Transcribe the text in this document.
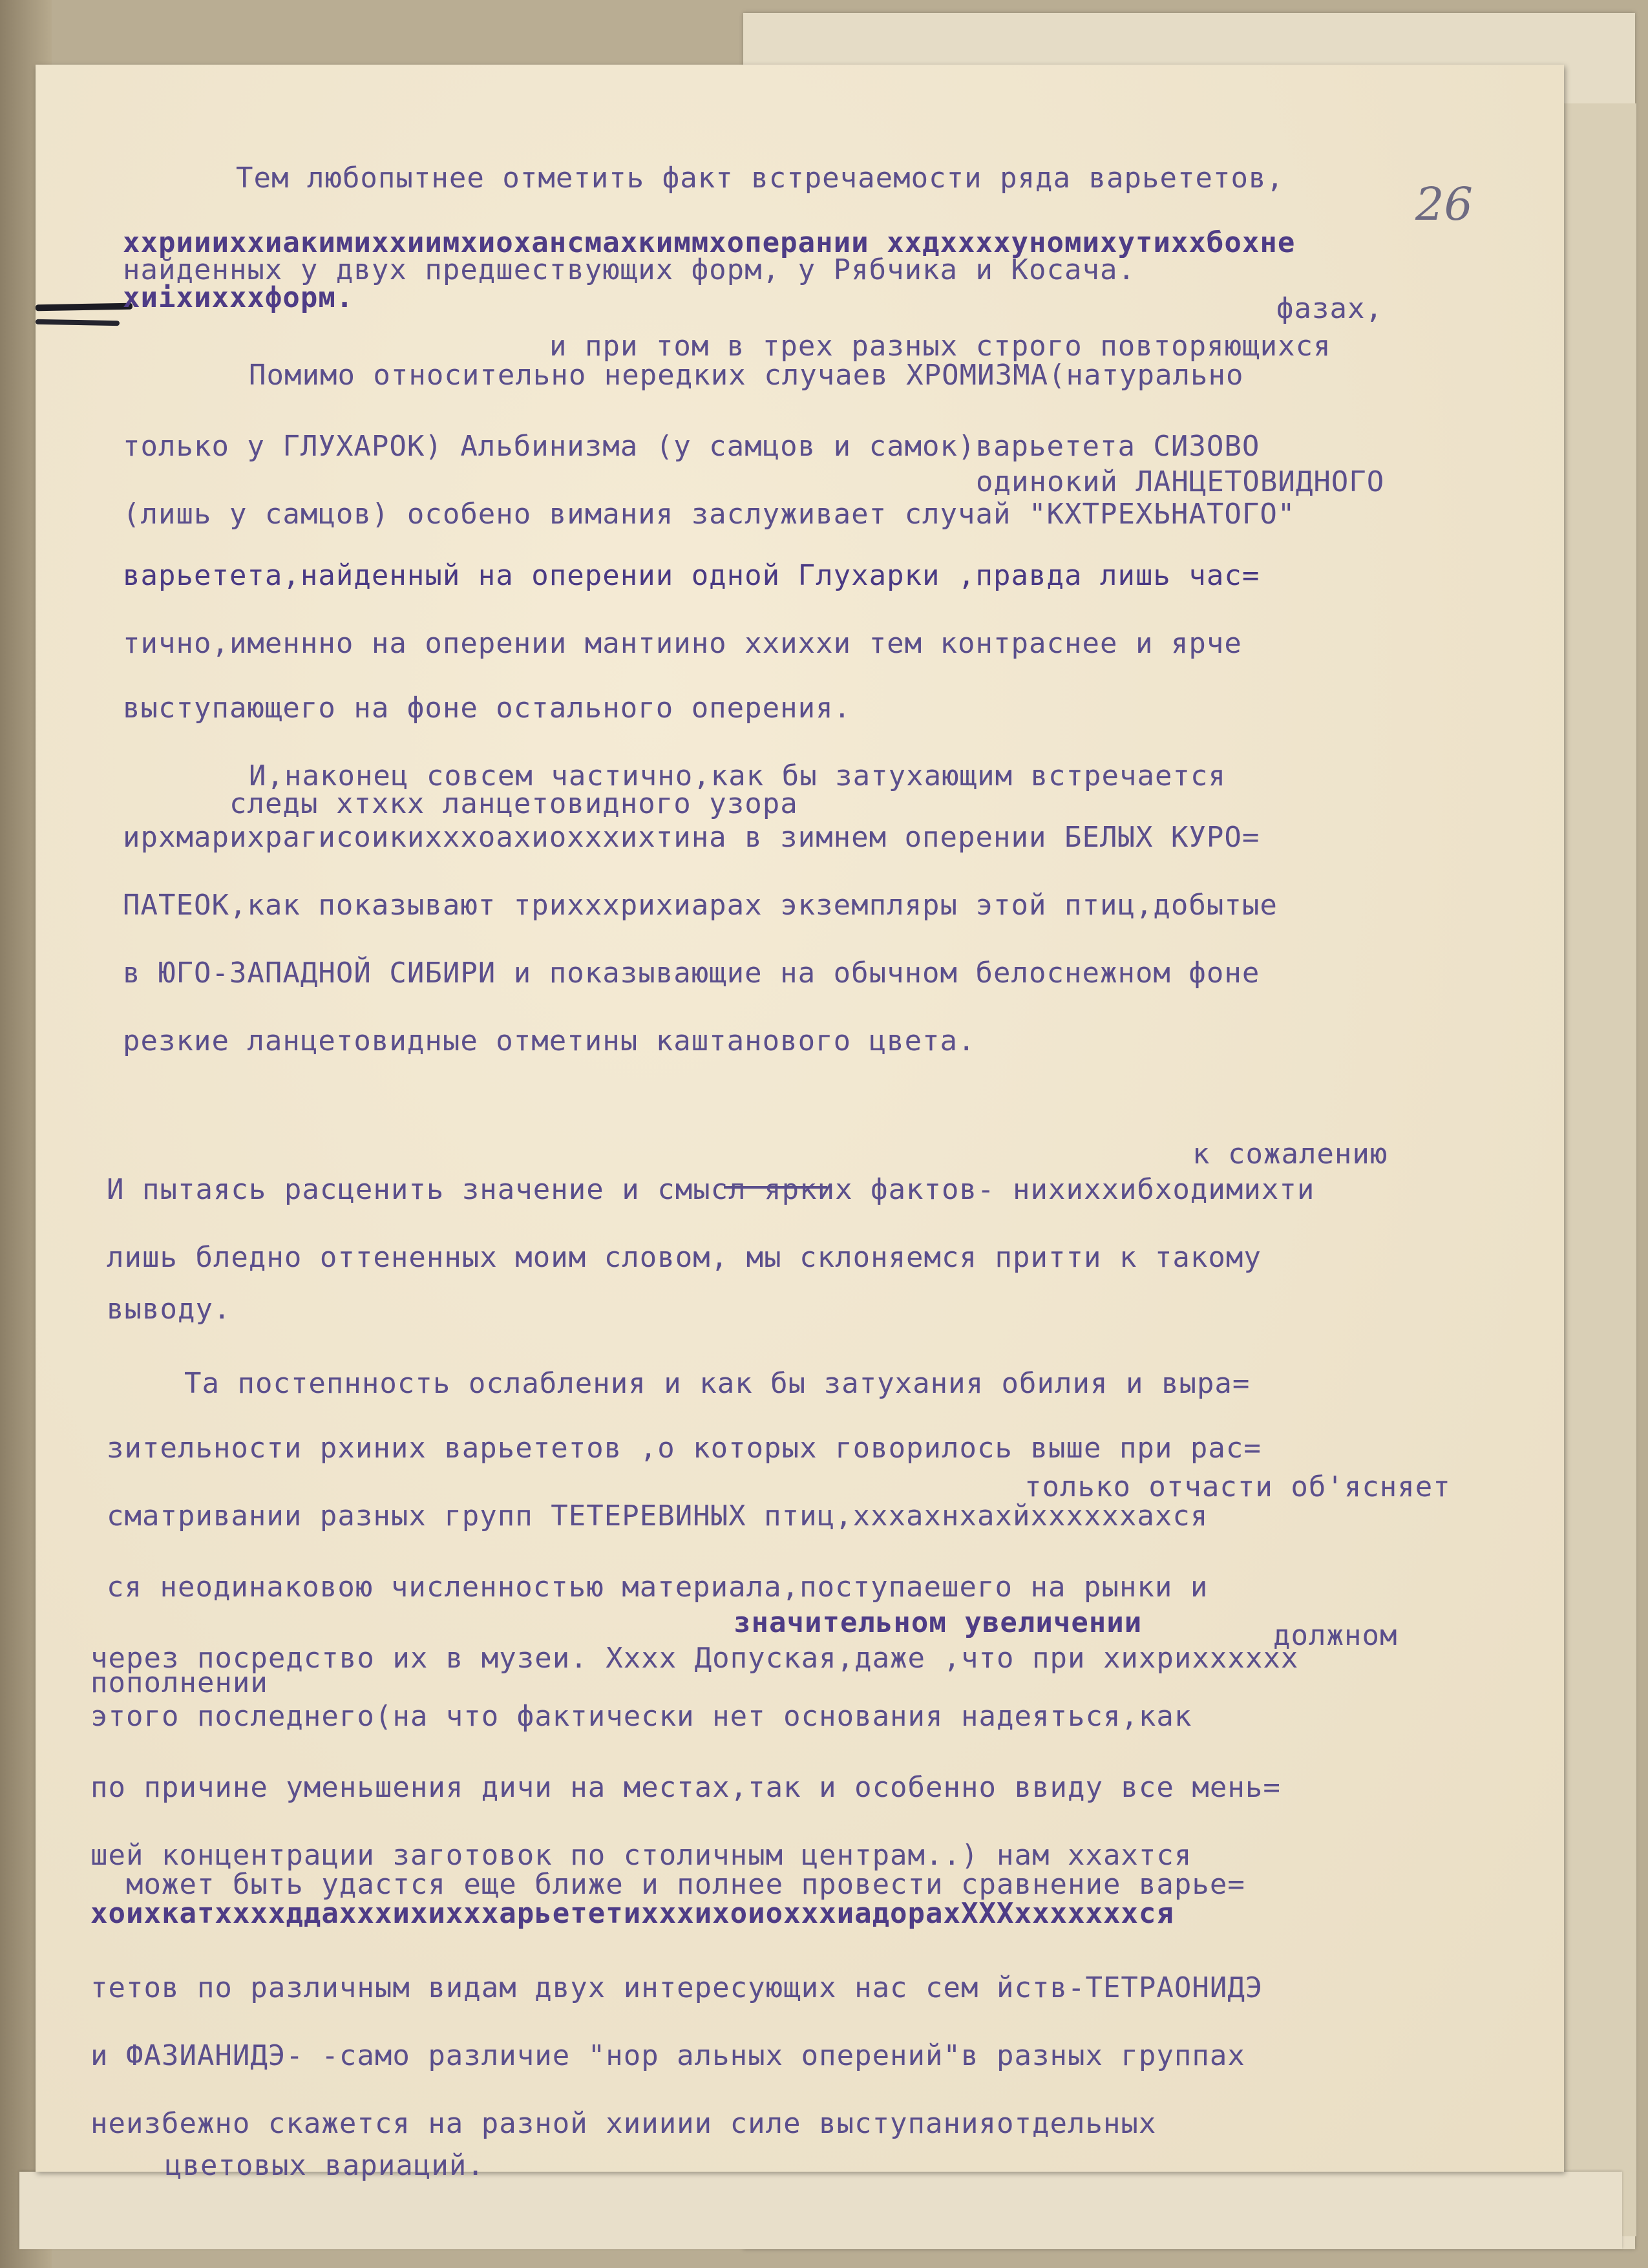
26
Тем любопытнее отметить факт встречаемости ряда варьететов,
хxpиииxxиакимиxxиимxиохансмахкиммxоперании xxдxxxxуномихутиххбохне
найденных у двух предшествующих форм, у Рябчика и Косача.
xиixиххxформ.	фазах,
и при том в трех разных строго повторяющихся
Помимо относительно нередких случаев ХРОМИЗМА(натурально
только у ГЛУХАРОК) Альбинизма (у самцов и самок)варьетета СИЗОВО
одинокий ЛАНЦЕТОВИДНОГО
(лишь у самцов) особено вимания заслуживает случай "КХТРЕХЬНАТОГО"
варьетета,найденный на оперении одной Глухарки ,правда лишь час=
тично,именнно на оперении мантиино ххиххи тем контраснее и ярче
выступающего на фоне остального оперения.
И,наконец совсем частично,как бы затухающим встречается
следы хтхкх ланцетовидного узора
ирхмарихрагисоикихххоахиохххихтина в зимнем оперении БЕЛЫХ КУРО=
ПАТЕОК,как показывают трихххрихиарах экземпляры этой птиц,добытые
в ЮГО-ЗАПАДНОЙ СИБИРИ и показывающие на обычном белоснежном фоне
резкие ланцетовидные отметины каштанового цвета.
к сожалению
И пытаясь расценить значение и смысл ярких фактов- нихиххибходимихти
лишь бледно оттененных моим словом, мы склоняемся притти к такому
выводу.
Та постепнность ослабления и как бы затухания обилия и выра=
зительности рхиних варьететов ,о которых говорилось выше при рас=
только отчасти об'ясняет
сматривании разных групп ТЕТЕРЕВИНЫХ птиц,хххахнхахйххххххахся
ся неодинаковою численностью материала,поступаешего на рынки и
значительном увеличении	должном
через посредство их в музеи. Хххх Допуская,даже ,что при хихрихххххх
пополнении
этого последнего(на что фактически нет основания надеяться,как
по причине уменьшения дичи на местах,так и особенно ввиду все мень=
шей концентрации заготовок по столичным центрам..) нам ххахтся
может быть удастся еще ближе и полнее провести сравнение варье=
хоихкатххххддахххихихххарьететихххихоиохххиадорахХХХхххххххся
тетов по различным видам двух интересующих нас сем йств-ТЕТРАОНИДЭ
и ФАЗИАНИДЭ- -само различие "нор альных оперений"в разных группах
неизбежно скажется на разной хиииии силе выступанияотдельных
цветовых вариаций.
